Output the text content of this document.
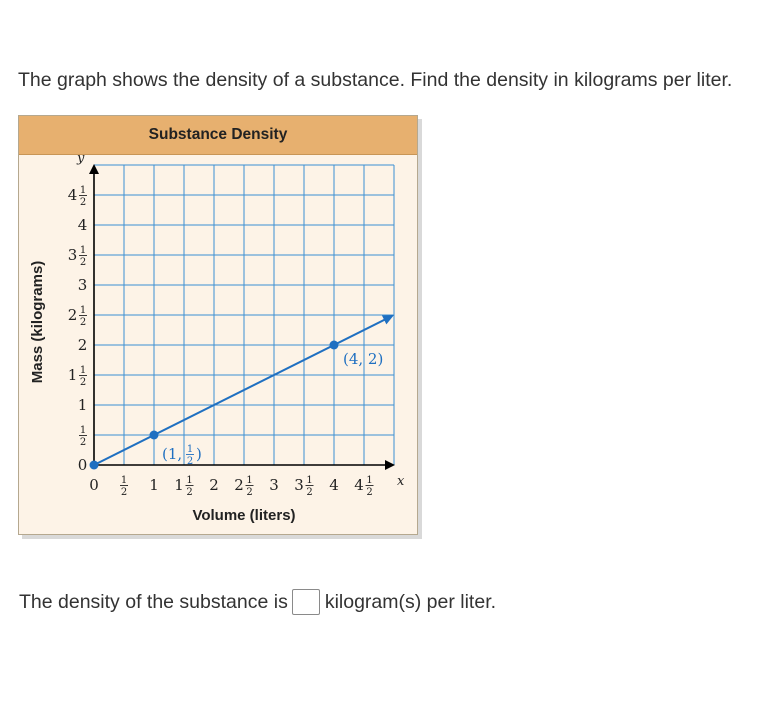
The graph shows the density of a substance. Find the density in kilograms per liter.
Substance Density
x
y
0 1
2 1 1 1
2 2 2 1
2 3 3 1
2 4 4 1
2
0
1
2
1
1 1
2
2
2 1
2
3
3 1
2
4
4 1
2
(1, 1
2 )
(4, 2)
Volume (liters)
Mass (kilograms)
The density of the substance is kilogram(s) per liter.
